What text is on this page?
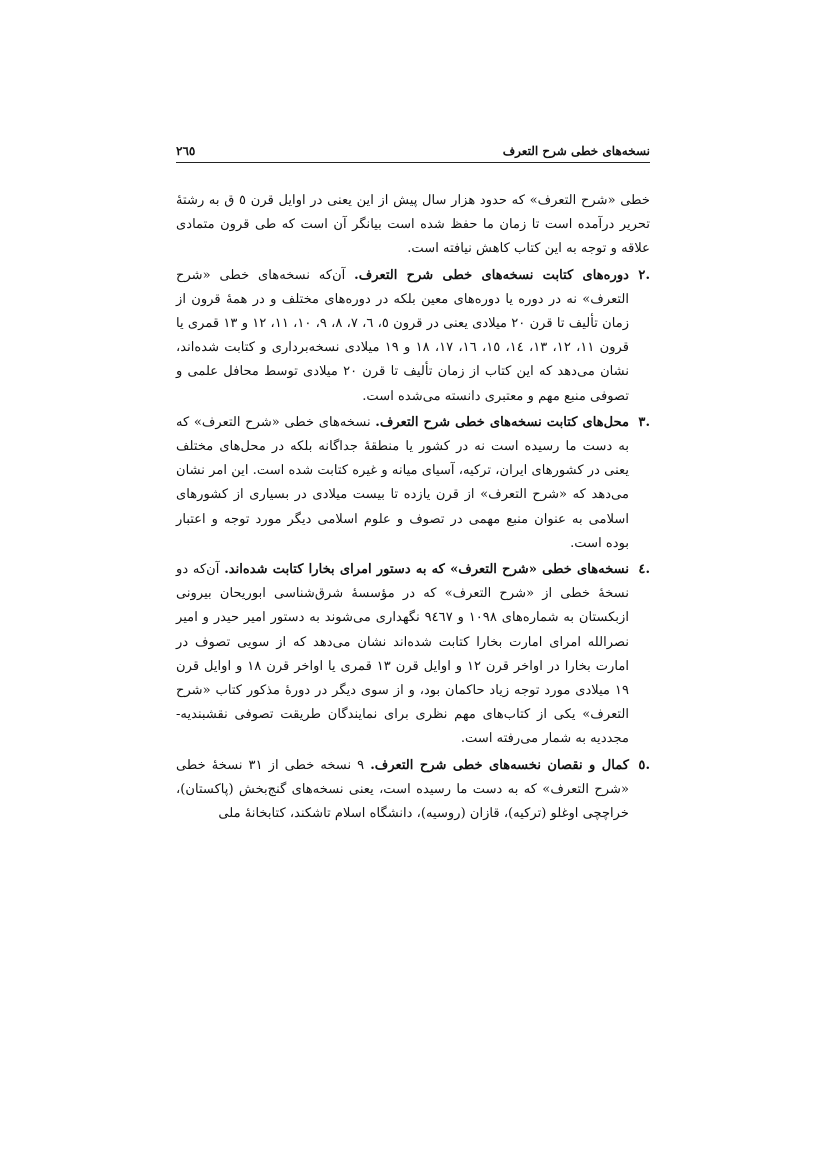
نسخه‌های خطی شرح التعرف
٢٦٥

خطی «شرح التعرف» که حدود هزار سال پیش از این یعنی در اوایل قرن ٥ ق به رشتهٔ تحریر درآمده است تا زمان ما حفظ شده است بیانگر آن است که طی قرون متمادی علاقه و توجه به این کتاب کاهش نیافته است.

.٢

دوره‌های کتابت نسخه‌های خطی شرح التعرف. آن‌که نسخه‌های خطی «شرح التعرف» نه در دوره یا دوره‌های معین بلکه در دوره‌های مختلف و در همهٔ قرون از زمان تألیف تا قرن ٢٠ میلادی یعنی در قرون ٥، ٦، ٧، ٨، ٩، ١٠، ١١، ١٢ و ١٣ قمری یا قرون ١١، ١٢، ١٣، ١٤، ١٥، ١٦، ١٧، ١٨ و ١٩ میلادی نسخه‌برداری و کتابت شده‌اند، نشان می‌دهد که این کتاب از زمان تألیف تا قرن ٢٠ میلادی توسط محافل علمی و تصوفی منبع مهم و معتبری دانسته می‌شده است.

.٣

محل‌های کتابت نسخه‌های خطی شرح التعرف. نسخه‌های خطی «شرح التعرف» که به دست ما رسیده است نه در کشور یا منطقهٔ جداگانه بلکه در محل‌های مختلف یعنی در کشورهای ایران، ترکیه، آسیای میانه و غیره کتابت شده است. این امر نشان می‌دهد که «شرح التعرف» از قرن یازده تا بیست میلادی در بسیاری از کشورهای اسلامی به عنوان منبع مهمی در تصوف و علوم اسلامی دیگر مورد توجه و اعتبار بوده است.

.٤

نسخه‌های خطی «شرح التعرف» که به دستور امرای بخارا کتابت شده‌اند. آن‌که دو نسخهٔ خطی از «شرح التعرف» که در مؤسسهٔ شرق‌شناسی ابوریحان بیرونی ازبکستان به شماره‌های ١٠٩٨ و ٩٤٦٧ نگهداری می‌شوند به دستور امیر حیدر و امیر نصرالله امرای امارت بخارا کتابت شده‌اند نشان می‌دهد که از سویی تصوف در امارت بخارا در اواخر قرن ١٢ و اوایل قرن ١٣ قمری یا اواخر قرن ١٨ و اوایل قرن ١٩ میلادی مورد توجه زیاد حاکمان بود، و از سوی دیگر در دورهٔ مذکور کتاب «شرح التعرف» یکی از کتاب‌های مهم نظری برای نمایندگان طریقت تصوفی نقشبندیه-مجددیه به شمار می‌رفته است.

.٥

کمال و نقصان نخسه‌های خطی شرح التعرف. ٩ نسخه خطی از ٣١ نسخهٔ خطی «شرح التعرف» که به دست ما رسیده است، یعنی نسخه‌های گنج‌بخش (پاکستان)، خراچچی اوغلو (ترکیه)، قازان (روسیه)، دانشگاه اسلام تاشکند، کتابخانهٔ ملی
